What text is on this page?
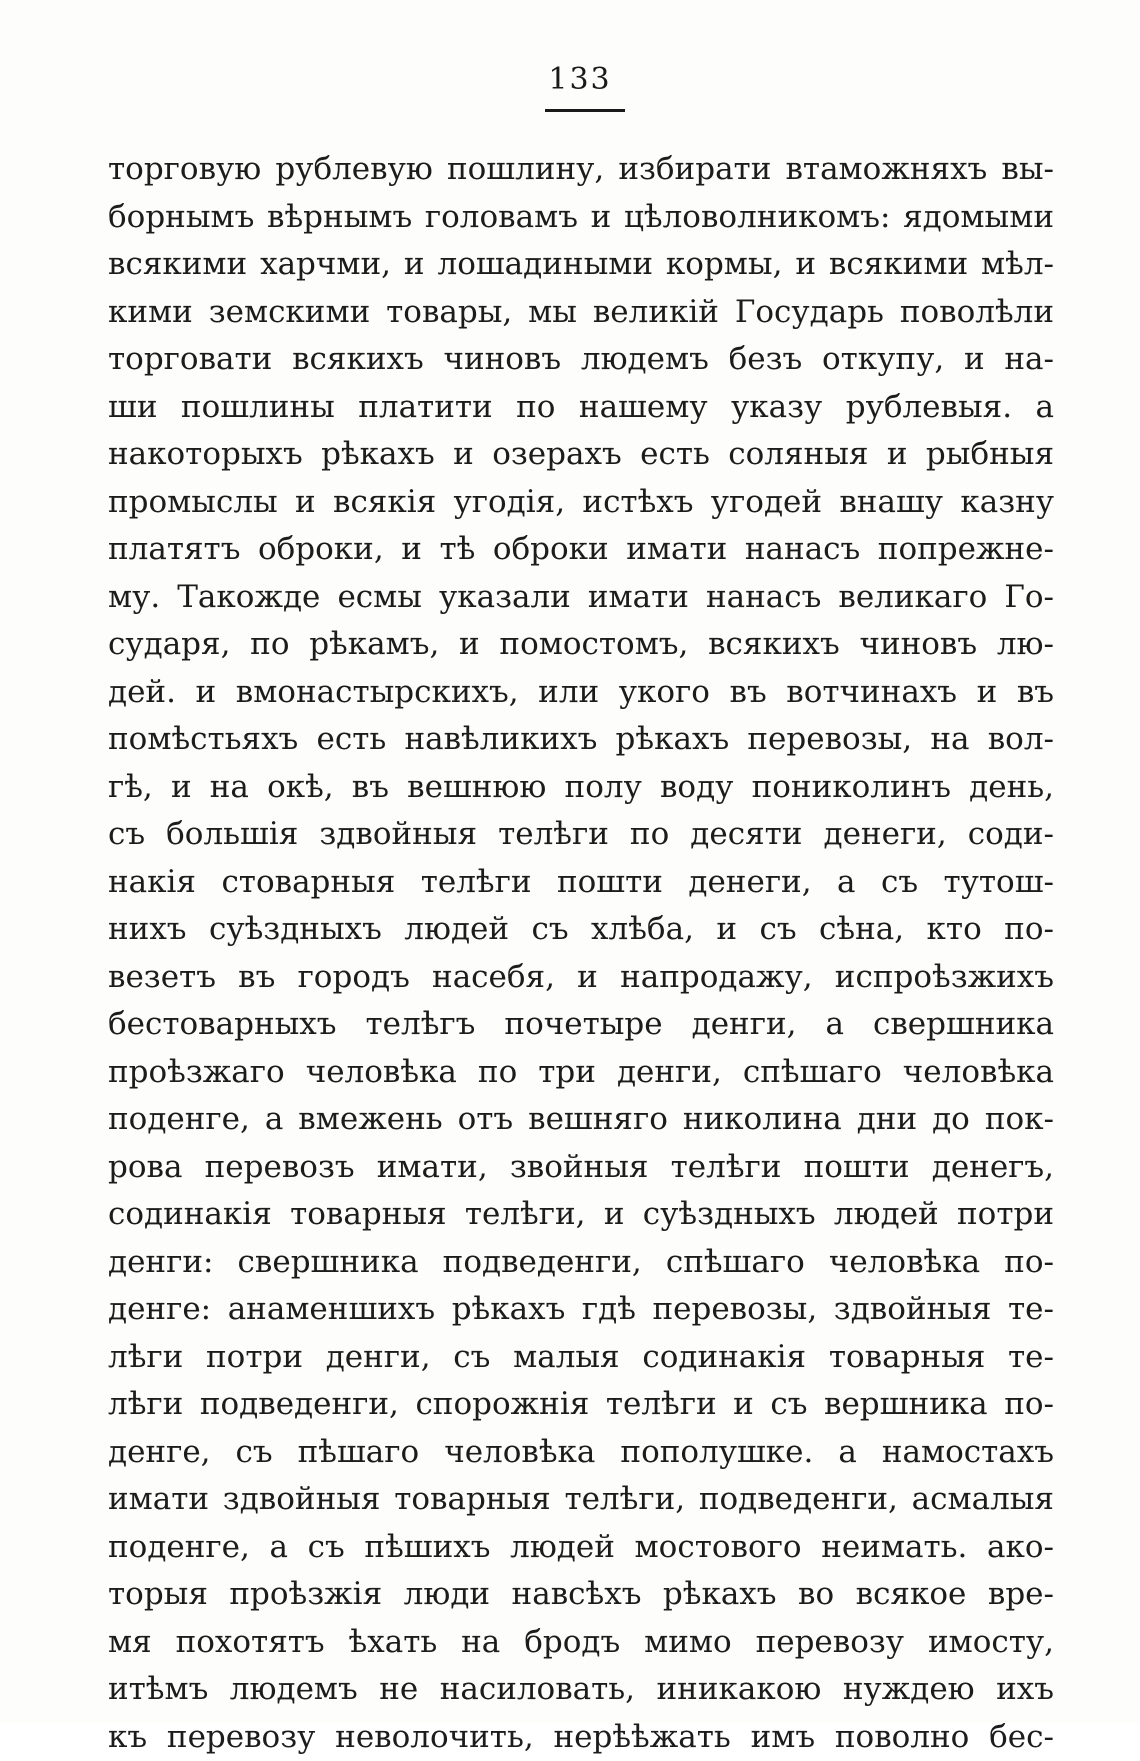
133
торговую рублевую пошлину, избирати втаможняхъ вы-
борнымъ вѣрнымъ головамъ и цѣловолникомъ: ядомыми
всякими харчми, и лошадиными кормы, и всякими мѣл-
кими земскими товары, мы великій Государь поволѣли
торговати всякихъ чиновъ людемъ безъ откупу, и на-
ши пошлины платити по нашему указу рублевыя. а
накоторыхъ рѣкахъ и озерахъ есть соляныя и рыбныя
промыслы и всякія угодія, истѣхъ угодей внашу казну
платятъ оброки, и тѣ оброки имати нанасъ попрежне-
му. Такожде есмы указали имати нанасъ великаго Го-
сударя, по рѣкамъ, и помостомъ, всякихъ чиновъ лю-
дей. и вмонастырскихъ, или укого въ вотчинахъ и въ
помѣстьяхъ есть навѣликихъ рѣкахъ перевозы, на вол-
гѣ, и на окѣ, въ вешнюю полу воду пониколинъ день,
съ большія здвойныя телѣги по десяти денеги, соди-
накія стоварныя телѣги пошти денеги, а съ тутош-
нихъ суѣздныхъ людей съ хлѣба, и съ сѣна, кто по-
везетъ въ городъ насебя, и напродажу, испроѣзжихъ
бестоварныхъ телѣгъ почетыре денги, а свершника
проѣзжаго человѣка по три денги, спѣшаго человѣка
поденге, а вмежень отъ вешняго николина дни до пок-
рова перевозъ имати, звойныя телѣги пошти денегъ,
содинакія товарныя телѣги, и суѣздныхъ людей потри
денги: свершника подведенги, спѣшаго человѣка по-
денге: анаменшихъ рѣкахъ гдѣ перевозы, здвойныя те-
лѣги потри денги, съ малыя содинакія товарныя те-
лѣги подведенги, спорожнія телѣги и съ вершника по-
денге, съ пѣшаго человѣка пополушке. а намостахъ
имати здвойныя товарныя телѣги, подведенги, асмалыя
поденге, а съ пѣшихъ людей мостового неимать. ако-
торыя проѣзжія люди навсѣхъ рѣкахъ во всякое вре-
мя похотятъ ѣхать на бродъ мимо перевозу имосту,
итѣмъ людемъ не насиловать, иникакою нуждею ихъ
къ перевозу неволочить, нерѣѣжать имъ поволно бес-
